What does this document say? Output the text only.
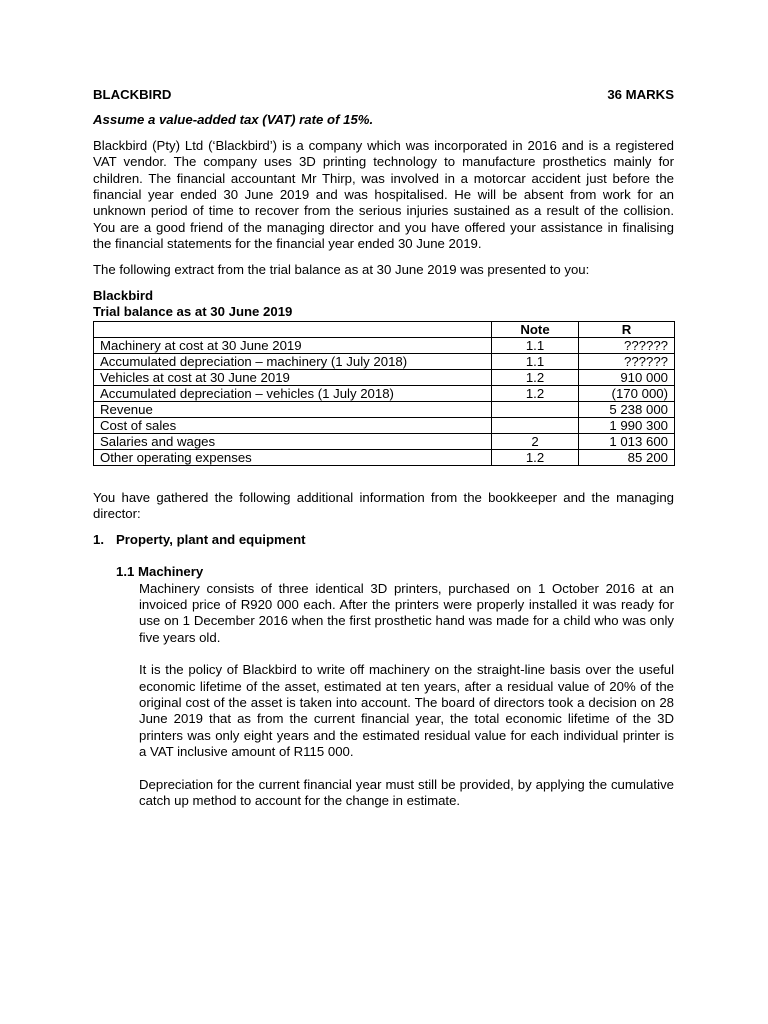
BLACKBIRD	36 MARKS
Assume a value-added tax (VAT) rate of 15%.
Blackbird (Pty) Ltd (‘Blackbird’) is a company which was incorporated in 2016 and is a registered VAT vendor. The company uses 3D printing technology to manufacture prosthetics mainly for children. The financial accountant Mr Thirp, was involved in a motorcar accident just before the financial year ended 30 June 2019 and was hospitalised. He will be absent from work for an unknown period of time to recover from the serious injuries sustained as a result of the collision. You are a good friend of the managing director and you have offered your assistance in finalising the financial statements for the financial year ended 30 June 2019.
The following extract from the trial balance as at 30 June 2019 was presented to you:
Blackbird
Trial balance as at 30 June 2019
	Note	R
Machinery at cost at 30 June 2019	1.1	??????
Accumulated depreciation – machinery (1 July 2018)	1.1	??????
Vehicles at cost at 30 June 2019	1.2	910 000
Accumulated depreciation – vehicles (1 July 2018)	1.2	(170 000)
Revenue		5 238 000
Cost of sales		1 990 300
Salaries and wages	2	1 013 600
Other operating expenses	1.2	85 200
You have gathered the following additional information from the bookkeeper and the managing director:
1. Property, plant and equipment
1.1 Machinery
Machinery consists of three identical 3D printers, purchased on 1 October 2016 at an invoiced price of R920 000 each. After the printers were properly installed it was ready for use on 1 December 2016 when the first prosthetic hand was made for a child who was only five years old.
It is the policy of Blackbird to write off machinery on the straight-line basis over the useful economic lifetime of the asset, estimated at ten years, after a residual value of 20% of the original cost of the asset is taken into account. The board of directors took a decision on 28 June 2019 that as from the current financial year, the total economic lifetime of the 3D printers was only eight years and the estimated residual value for each individual printer is a VAT inclusive amount of R115 000.
Depreciation for the current financial year must still be provided, by applying the cumulative catch up method to account for the change in estimate.
